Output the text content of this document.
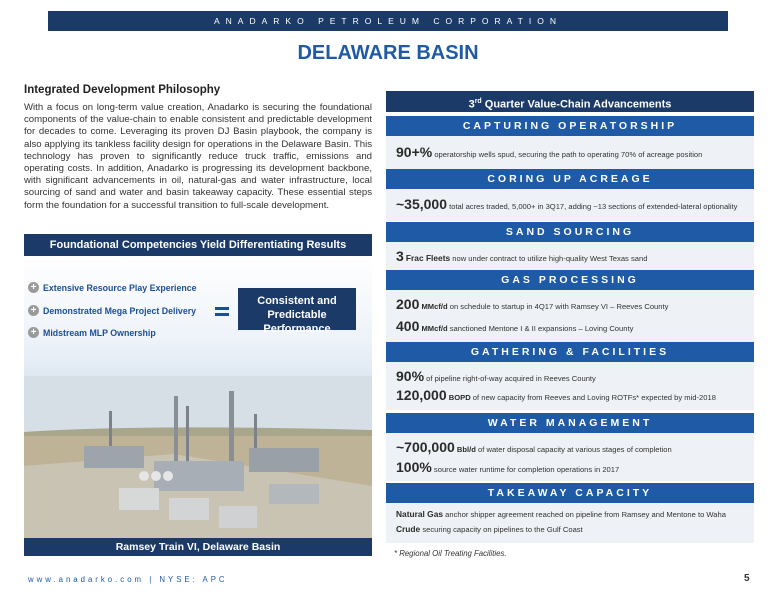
ANADARKO PETROLEUM CORPORATION
DELAWARE BASIN
Integrated Development Philosophy

With a focus on long-term value creation, Anadarko is securing the foundational components of the value-chain to enable consistent and predictable development for decades to come. Leveraging its proven DJ Basin playbook, the company is also applying its tankless facility design for operations in the Delaware Basin. This technology has proven to significantly reduce truck traffic, emissions and operating costs. In addition, Anadarko is progressing its development backbone, with significant advancements in oil, natural-gas and water infrastructure, local sourcing of sand and water and basin takeaway capacity. These essential steps form the foundation for a successful transition to full-scale development.

Foundational Competencies Yield Differentiating Results
+ Extensive Resource Play Experience
+ Demonstrated Mega Project Delivery
+ Midstream MLP Ownership
Consistent and
Predictable Performance
Ramsey Train VI, Delaware Basin
3rd Quarter Value-Chain Advancements
CAPTURING OPERATORSHIP
90+% operatorship wells spud, securing the path to operating 70% of acreage position
CORING UP ACREAGE
~35,000 total acres traded, 5,000+ in 3Q17, adding ~13 sections of extended-lateral optionality
SAND SOURCING
3 Frac Fleets now under contract to utilize high-quality West Texas sand
GAS PROCESSING
200 MMcf/d on schedule to startup in 4Q17 with Ramsey VI – Reeves County
400 MMcf/d sanctioned Mentone I & II expansions – Loving County
GATHERING & FACILITIES
90% of pipeline right-of-way acquired in Reeves County
120,000 BOPD of new capacity from Reeves and Loving ROTFs* expected by mid-2018
WATER MANAGEMENT
~700,000 Bbl/d of water disposal capacity at various stages of completion
100% source water runtime for completion operations in 2017
TAKEAWAY CAPACITY
Natural Gas anchor shipper agreement reached on pipeline from Ramsey and Mentone to Waha
Crude securing capacity on pipelines to the Gulf Coast
* Regional Oil Treating Facilities.
www.anadarko.com | NYSE: APC	5
